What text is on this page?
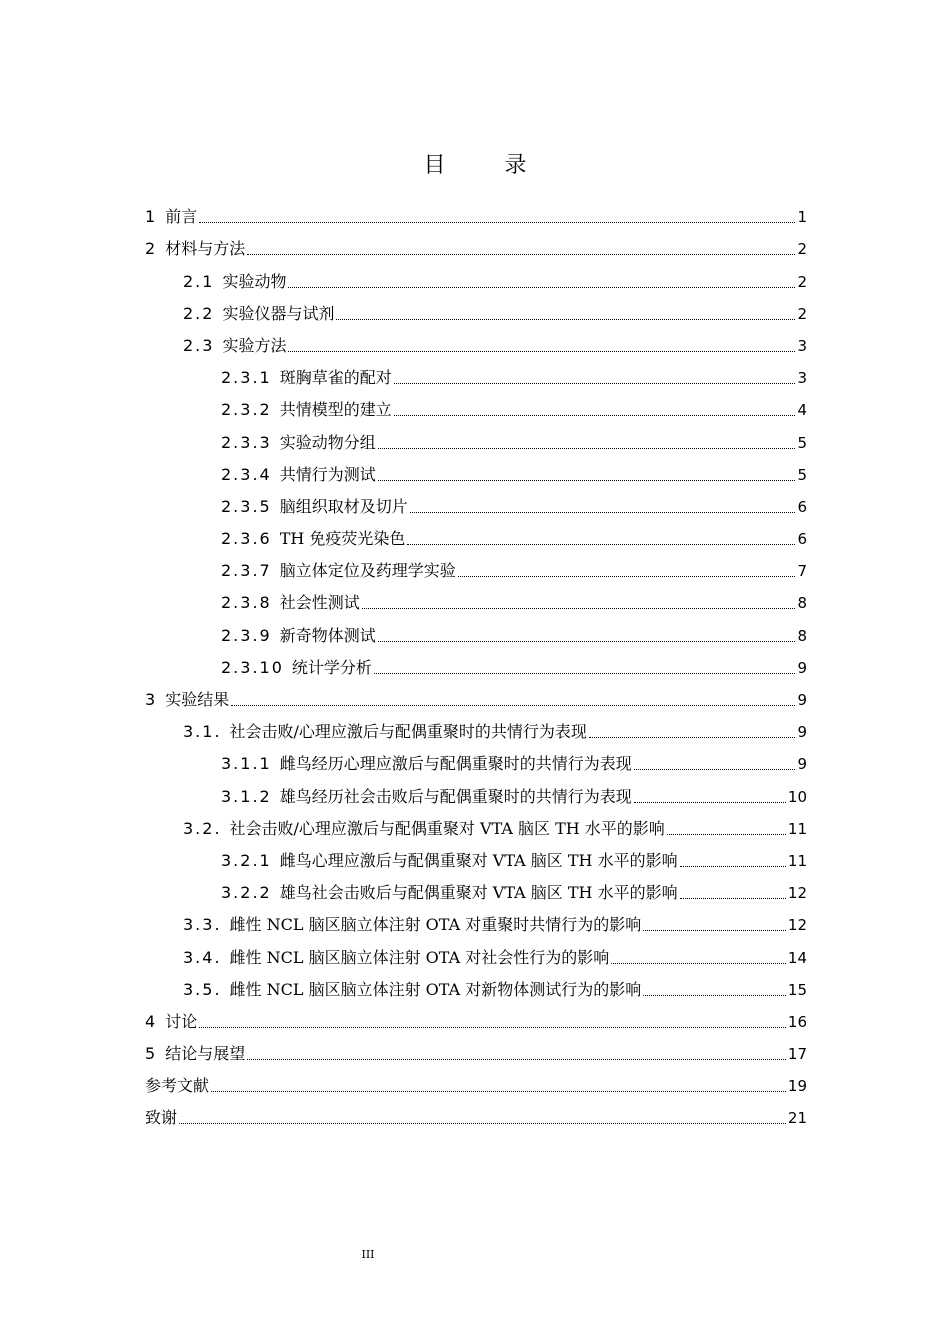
目 录
1 前言	1
2 材料与方法	2
2.1 实验动物	2
2.2 实验仪器与试剂	2
2.3 实验方法	3
2.3.1 斑胸草雀的配对	3
2.3.2 共情模型的建立	4
2.3.3 实验动物分组	5
2.3.4 共情行为测试	5
2.3.5 脑组织取材及切片	6
2.3.6 TH 免疫荧光染色	6
2.3.7 脑立体定位及药理学实验	7
2.3.8 社会性测试	8
2.3.9 新奇物体测试	8
2.3.10 统计学分析	9
3 实验结果	9
3.1. 社会击败/心理应激后与配偶重聚时的共情行为表现	9
3.1.1 雌鸟经历心理应激后与配偶重聚时的共情行为表现	9
3.1.2 雄鸟经历社会击败后与配偶重聚时的共情行为表现	10
3.2. 社会击败/心理应激后与配偶重聚对 VTA 脑区 TH 水平的影响	11
3.2.1 雌鸟心理应激后与配偶重聚对 VTA 脑区 TH 水平的影响	11
3.2.2 雄鸟社会击败后与配偶重聚对 VTA 脑区 TH 水平的影响	12
3.3. 雌性 NCL 脑区脑立体注射 OTA 对重聚时共情行为的影响	12
3.4. 雌性 NCL 脑区脑立体注射 OTA 对社会性行为的影响	14
3.5. 雌性 NCL 脑区脑立体注射 OTA 对新物体测试行为的影响	15
4 讨论	16
5 结论与展望	17
参考文献	19
致谢	21
III
